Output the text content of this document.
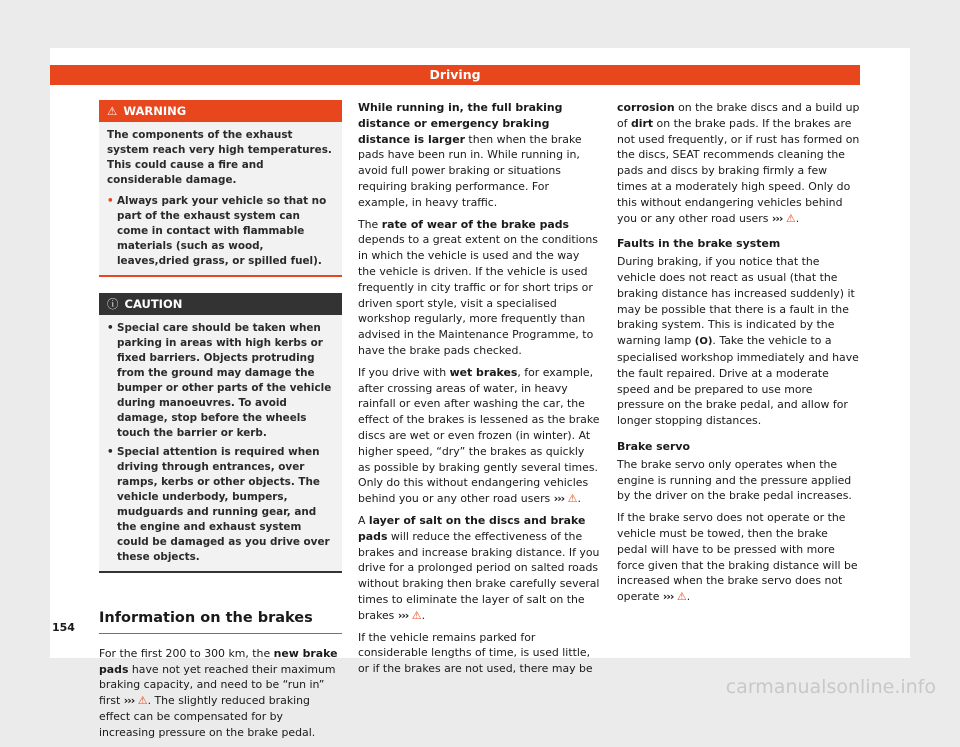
Driving
⚠ WARNING

The components of the exhaust system reach very high temperatures. This could cause a fire and considerable damage.

• Always park your vehicle so that no part of the exhaust system can come in contact with flammable materials (such as wood, leaves,dried grass, or spilled fuel).
ⓘ CAUTION
• Special care should be taken when parking in areas with high kerbs or fixed barriers. Objects protruding from the ground may damage the bumper or other parts of the vehicle during manoeuvres. To avoid damage, stop before the wheels touch the barrier or kerb.
• Special attention is required when driving through entrances, over ramps, kerbs or other objects. The vehicle underbody, bumpers, mudguards and running gear, and the engine and exhaust system could be damaged as you drive over these objects.
Information on the brakes

For the first 200 to 300 km, the new brake pads have not yet reached their maximum braking capacity, and need to be “run in” first ››› ⚠. The slightly reduced braking effect can be compensated for by increasing pressure on the brake pedal.

While running in, the full braking distance or emergency braking distance is larger then when the brake pads have been run in. While running in, avoid full power braking or situations requiring braking performance. For example, in heavy traffic.

The rate of wear of the brake pads depends to a great extent on the conditions in which the vehicle is used and the way the vehicle is driven. If the vehicle is used frequently in city traffic or for short trips or driven sport style, visit a specialised workshop regularly, more frequently than advised in the Maintenance Programme, to have the brake pads checked.

If you drive with wet brakes, for example, after crossing areas of water, in heavy rainfall or even after washing the car, the effect of the brakes is lessened as the brake discs are wet or even frozen (in winter). At higher speed, “dry” the brakes as quickly as possible by braking gently several times. Only do this without endangering vehicles behind you or any other road users ››› ⚠.

A layer of salt on the discs and brake pads will reduce the effectiveness of the brakes and increase braking distance. If you drive for a prolonged period on salted roads without braking then brake carefully several times to eliminate the layer of salt on the brakes ››› ⚠.

If the vehicle remains parked for considerable lengths of time, is used little, or if the brakes are not used, there may be

corrosion on the brake discs and a build up of dirt on the brake pads. If the brakes are not used frequently, or if rust has formed on the discs, SEAT recommends cleaning the pads and discs by braking firmly a few times at a moderately high speed. Only do this without endangering vehicles behind you or any other road users ››› ⚠.

Faults in the brake system

During braking, if you notice that the vehicle does not react as usual (that the braking distance has increased suddenly) it may be possible that there is a fault in the braking system. This is indicated by the warning lamp (O). Take the vehicle to a specialised workshop immediately and have the fault repaired. Drive at a moderate speed and be prepared to use more pressure on the brake pedal, and allow for longer stopping distances.

Brake servo

The brake servo only operates when the engine is running and the pressure applied by the driver on the brake pedal increases.

If the brake servo does not operate or the vehicle must be towed, then the brake pedal will have to be pressed with more force given that the braking distance will be increased when the brake servo does not operate ››› ⚠.

154
carmanualsonline.info
